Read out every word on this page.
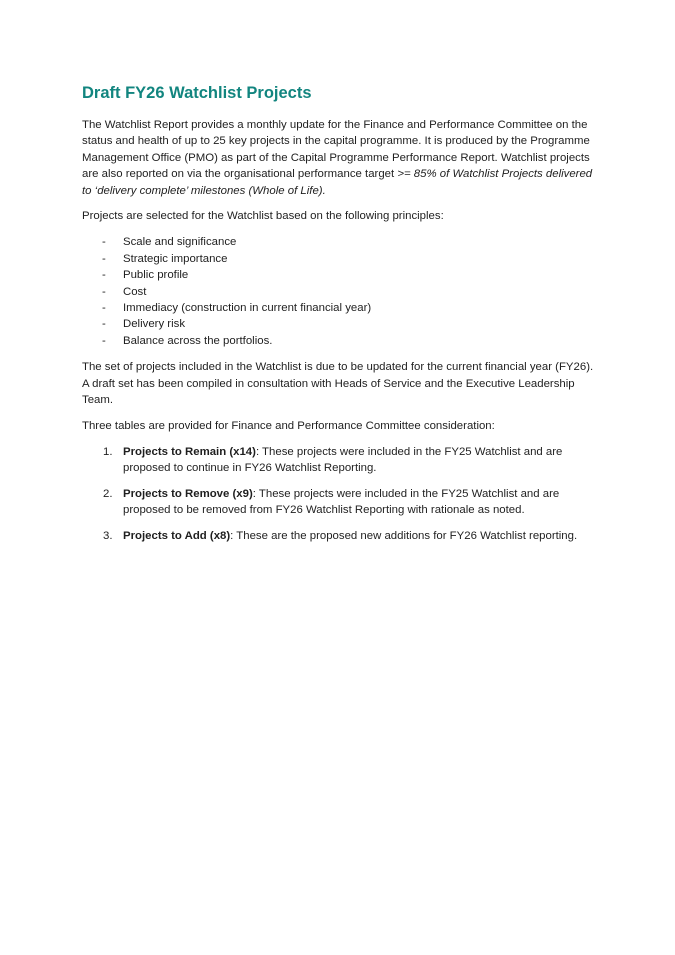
Draft FY26 Watchlist Projects

The Watchlist Report provides a monthly update for the Finance and Performance Committee on the status and health of up to 25 key projects in the capital programme. It is produced by the Programme Management Office (PMO) as part of the Capital Programme Performance Report. Watchlist projects are also reported on via the organisational performance target >= 85% of Watchlist Projects delivered to ‘delivery complete’ milestones (Whole of Life).

Projects are selected for the Watchlist based on the following principles:

- Scale and significance
- Strategic importance
- Public profile
- Cost
- Immediacy (construction in current financial year)
- Delivery risk
- Balance across the portfolios.

The set of projects included in the Watchlist is due to be updated for the current financial year (FY26). A draft set has been compiled in consultation with Heads of Service and the Executive Leadership Team.

Three tables are provided for Finance and Performance Committee consideration:

1. Projects to Remain (x14): These projects were included in the FY25 Watchlist and are proposed to continue in FY26 Watchlist Reporting.
2. Projects to Remove (x9): These projects were included in the FY25 Watchlist and are proposed to be removed from FY26 Watchlist Reporting with rationale as noted.
3. Projects to Add (x8): These are the proposed new additions for FY26 Watchlist reporting.
